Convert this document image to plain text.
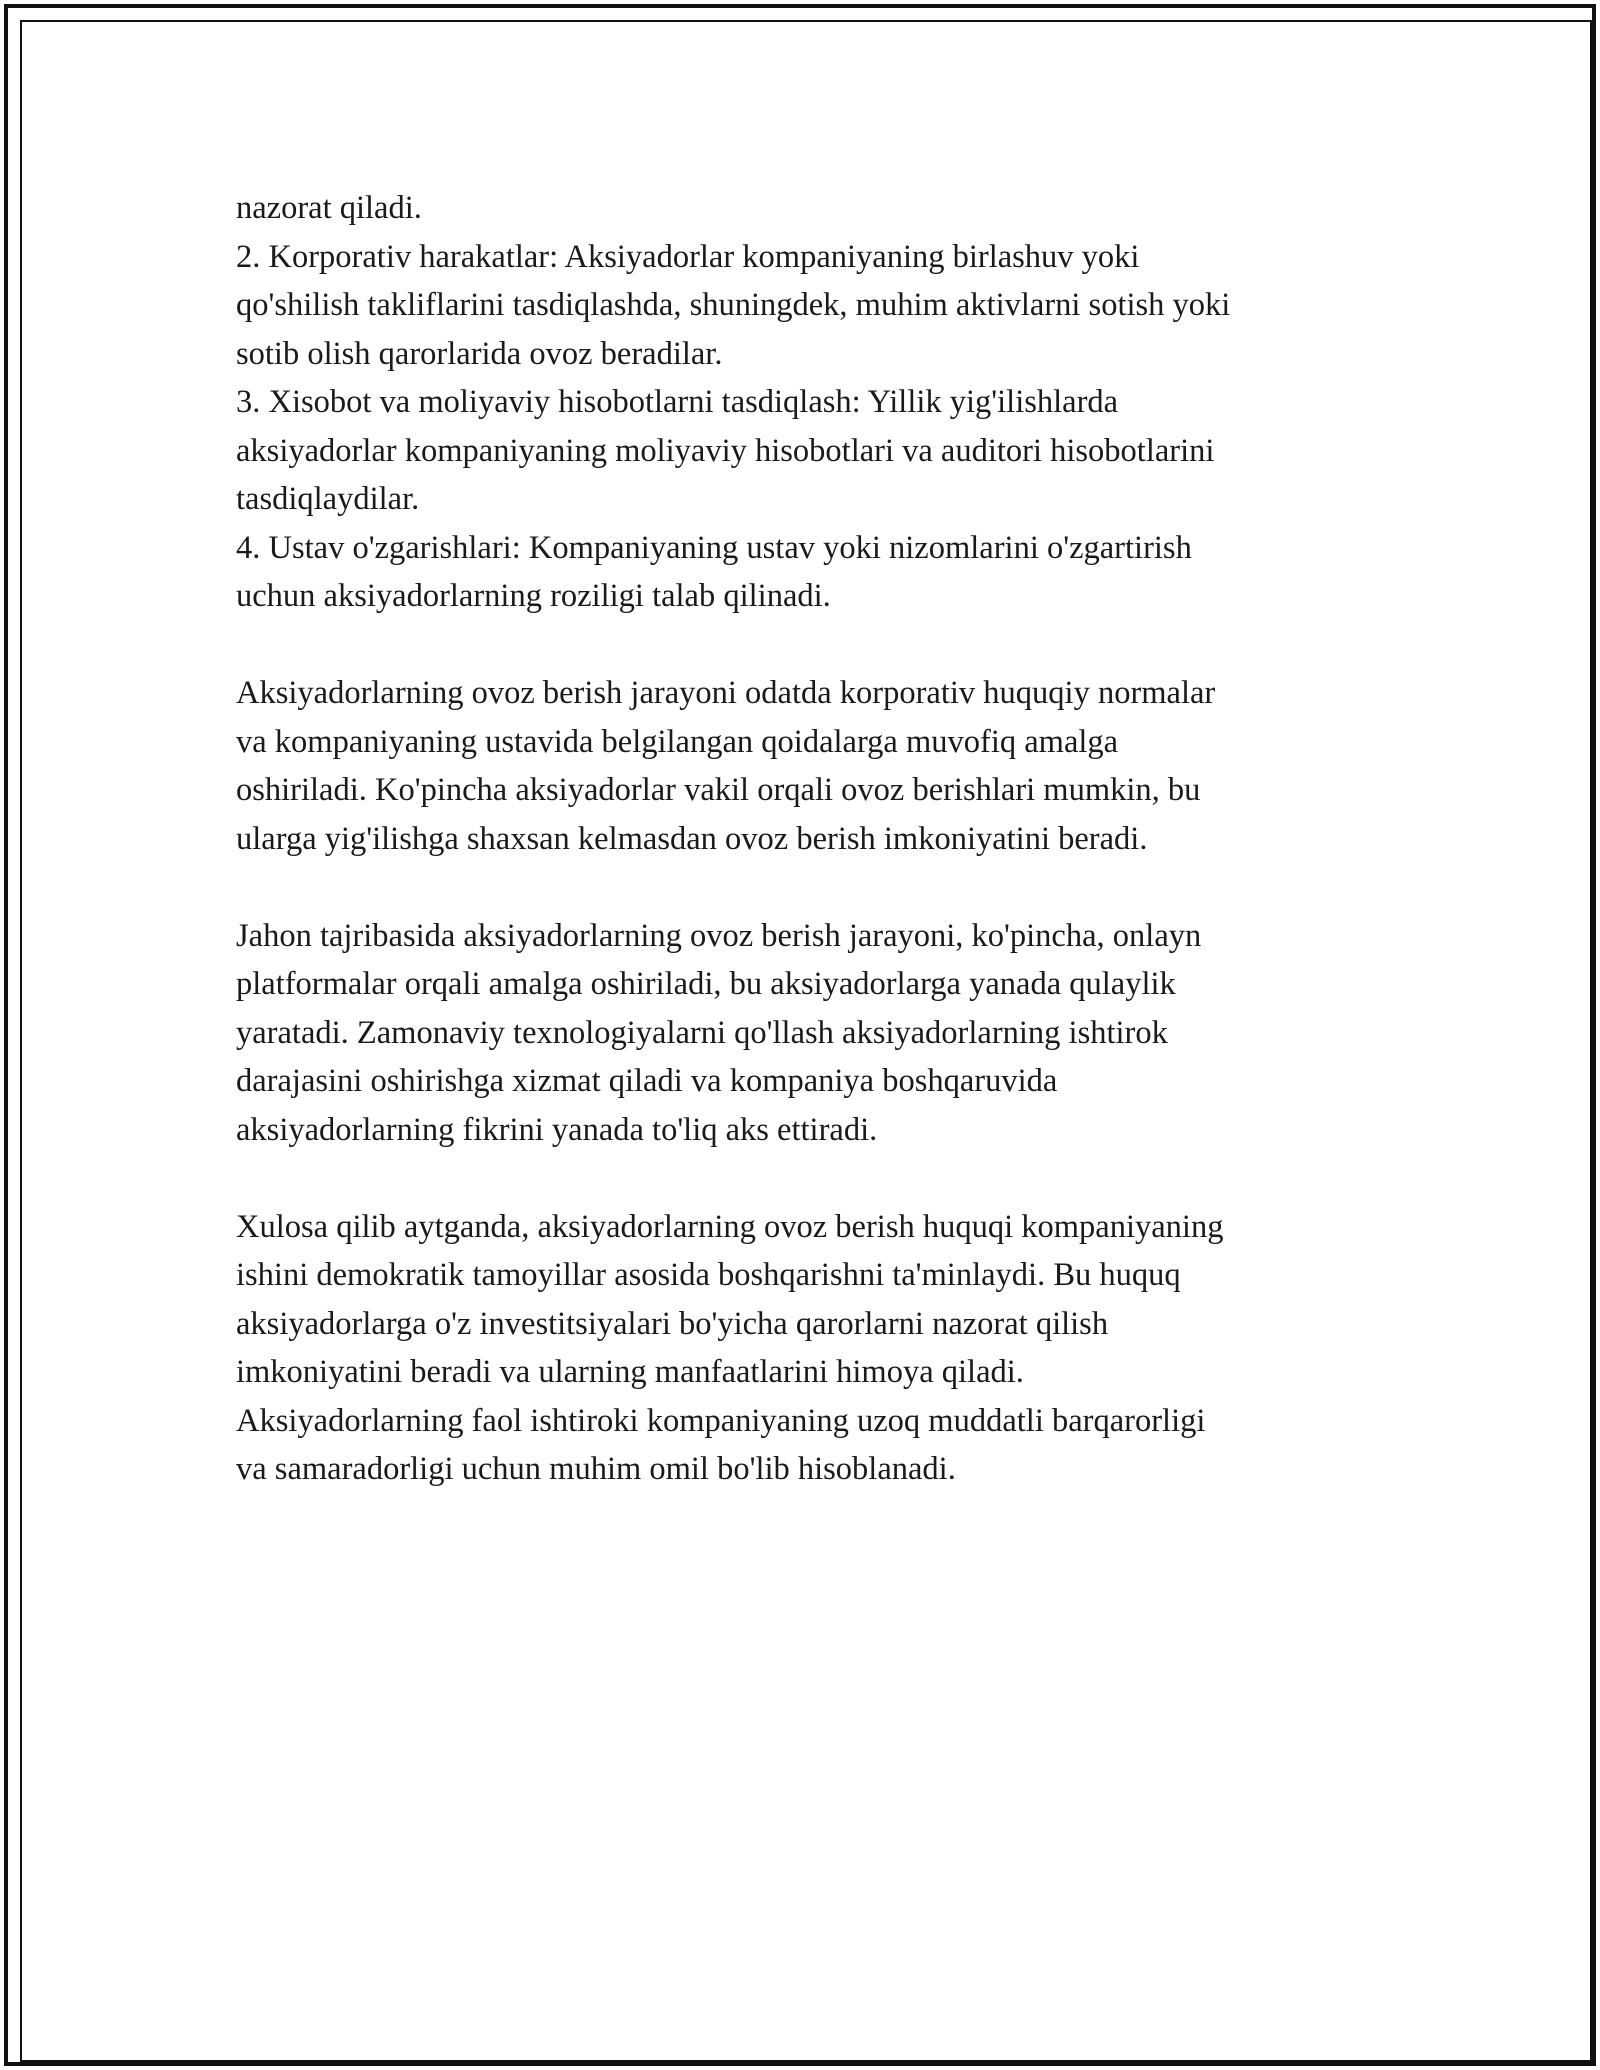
nazorat qiladi.

2. Korporativ harakatlar: Aksiyadorlar kompaniyaning birlashuv yoki

qo'shilish takliflarini tasdiqlashda, shuningdek, muhim aktivlarni sotish yoki

sotib olish qarorlarida ovoz beradilar.

3. Xisobot va moliyaviy hisobotlarni tasdiqlash: Yillik yig'ilishlarda

aksiyadorlar kompaniyaning moliyaviy hisobotlari va auditori hisobotlarini

tasdiqlaydilar.

4. Ustav o'zgarishlari: Kompaniyaning ustav yoki nizomlarini o'zgartirish

uchun aksiyadorlarning roziligi talab qilinadi.

Aksiyadorlarning ovoz berish jarayoni odatda korporativ huquqiy normalar

va kompaniyaning ustavida belgilangan qoidalarga muvofiq amalga

oshiriladi. Ko'pincha aksiyadorlar vakil orqali ovoz berishlari mumkin, bu

ularga yig'ilishga shaxsan kelmasdan ovoz berish imkoniyatini beradi.

Jahon tajribasida aksiyadorlarning ovoz berish jarayoni, ko'pincha, onlayn

platformalar orqali amalga oshiriladi, bu aksiyadorlarga yanada qulaylik

yaratadi. Zamonaviy texnologiyalarni qo'llash aksiyadorlarning ishtirok

darajasini oshirishga xizmat qiladi va kompaniya boshqaruvida

aksiyadorlarning fikrini yanada to'liq aks ettiradi.

Xulosa qilib aytganda, aksiyadorlarning ovoz berish huquqi kompaniyaning

ishini demokratik tamoyillar asosida boshqarishni ta'minlaydi. Bu huquq

aksiyadorlarga o'z investitsiyalari bo'yicha qarorlarni nazorat qilish

imkoniyatini beradi va ularning manfaatlarini himoya qiladi.

Aksiyadorlarning faol ishtiroki kompaniyaning uzoq muddatli barqarorligi

va samaradorligi uchun muhim omil bo'lib hisoblanadi.
